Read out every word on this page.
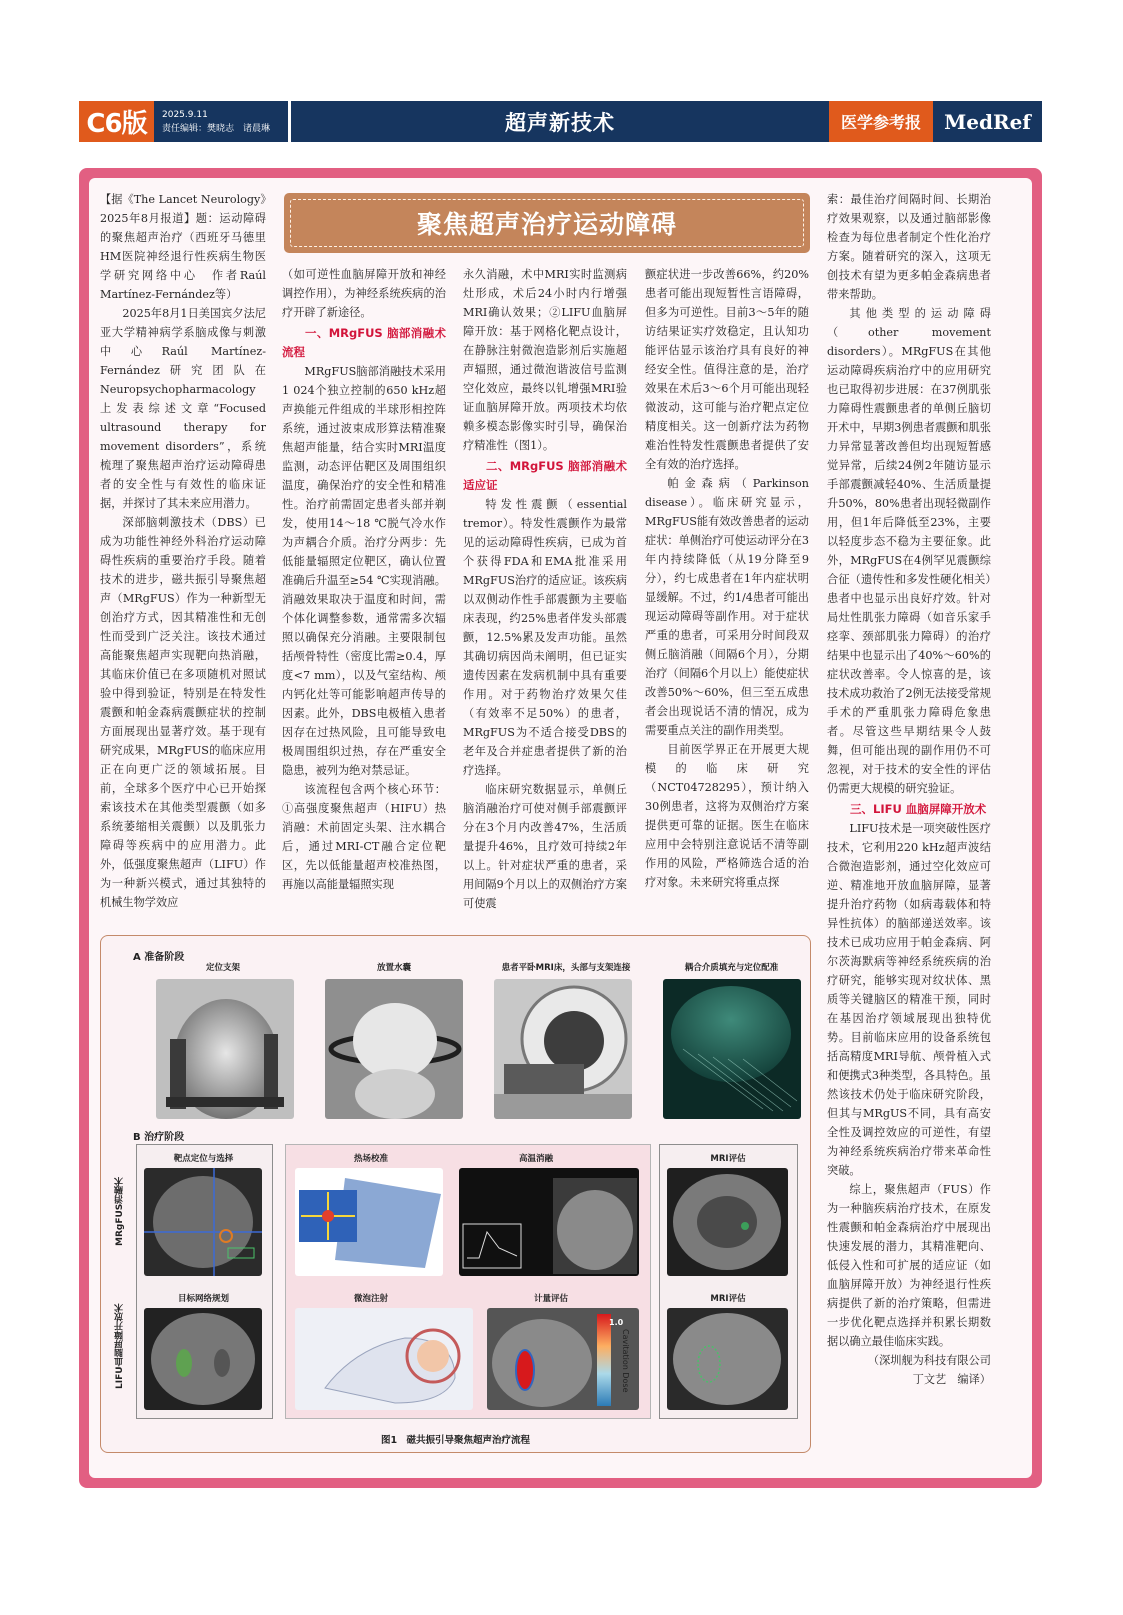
C6版	2025.9.11
责任编辑：樊晓志　诸晨琳	超声新技术	医学参考报	MedRef
聚焦超声治疗运动障碍

【据《The Lancet Neurology》2025年8月报道】题：运动障碍的聚焦超声治疗（西班牙马德里HM医院神经退行性疾病生物医学研究网络中心　作者Raúl Martínez-Fernández等）

2025年8月1日美国宾夕法尼亚大学精神病学系脑成像与刺激中心Raúl Martínez-Fernández研究团队在Neuropsychopharmacology上发表综述文章“Focused ultrasound therapy for movement disorders”，系统梳理了聚焦超声治疗运动障碍患者的安全性与有效性的临床证据，并探讨了其未来应用潜力。

深部脑刺激技术（DBS）已成为功能性神经外科治疗运动障碍性疾病的重要治疗手段。随着技术的进步，磁共振引导聚焦超声（MRgFUS）作为一种新型无创治疗方式，因其精准性和无创性而受到广泛关注。该技术通过高能聚焦超声实现靶向热消融，其临床价值已在多项随机对照试验中得到验证，特别是在特发性震颤和帕金森病震颤症状的控制方面展现出显著疗效。基于现有研究成果，MRgFUS的临床应用正在向更广泛的领域拓展。目前，全球多个医疗中心已开始探索该技术在其他类型震颤（如多系统萎缩相关震颤）以及肌张力障碍等疾病中的应用潜力。此外，低强度聚焦超声（LIFU）作为一种新兴模式，通过其独特的机械生物学效应

（如可逆性血脑屏障开放和神经调控作用），为神经系统疾病的治疗开辟了新途径。

一、MRgFUS 脑部消融术流程

MRgFUS脑部消融技术采用1 024个独立控制的650 kHz超声换能元件组成的半球形相控阵系统，通过波束成形算法精准聚焦超声能量，结合实时MRI温度监测，动态评估靶区及周围组织温度，确保治疗的安全性和精准性。治疗前需固定患者头部并剃发，使用14～18 ℃脱气冷水作为声耦合介质。治疗分两步：先低能量辐照定位靶区，确认位置准确后升温至≥54 ℃实现消融。消融效果取决于温度和时间，需个体化调整参数，通常需多次辐照以确保充分消融。主要限制包括颅骨特性（密度比需≥0.4，厚度<7 mm），以及气室结构、颅内钙化灶等可能影响超声传导的因素。此外，DBS电极植入患者因存在过热风险，且可能导致电极周围组织过热，存在严重安全隐患，被列为绝对禁忌证。

该流程包含两个核心环节：①高强度聚焦超声（HIFU）热消融：术前固定头架、注水耦合后，通过MRI-CT融合定位靶区，先以低能量超声校准热图，再施以高能量辐照实现

永久消融，术中MRI实时监测病灶形成，术后24小时内行增强MRI确认效果；②LIFU血脑屏障开放：基于网格化靶点设计，在静脉注射微泡造影剂后实施超声辐照，通过微泡谐波信号监测空化效应，最终以钆增强MRI验证血脑屏障开放。两项技术均依赖多模态影像实时引导，确保治疗精准性（图1）。

二、MRgFUS 脑部消融术适应证

特发性震颤（essential tremor）。特发性震颤作为最常见的运动障碍性疾病，已成为首个获得FDA和EMA批准采用MRgFUS治疗的适应证。该疾病以双侧动作性手部震颤为主要临床表现，约25%患者伴发头部震颤，12.5%累及发声功能。虽然其确切病因尚未阐明，但已证实遗传因素在发病机制中具有重要作用。对于药物治疗效果欠佳（有效率不足50%）的患者，MRgFUS为不适合接受DBS的老年及合并症患者提供了新的治疗选择。

临床研究数据显示，单侧丘脑消融治疗可使对侧手部震颤评分在3个月内改善47%，生活质量提升46%，且疗效可持续2年以上。针对症状严重的患者，采用间隔9个月以上的双侧治疗方案可使震

颤症状进一步改善66%，约20%患者可能出现短暂性言语障碍，但多为可逆性。目前3～5年的随访结果证实疗效稳定，且认知功能评估显示该治疗具有良好的神经安全性。值得注意的是，治疗效果在术后3～6个月可能出现轻微波动，这可能与治疗靶点定位精度相关。这一创新疗法为药物难治性特发性震颤患者提供了安全有效的治疗选择。

帕金森病（Parkinson disease）。临床研究显示，MRgFUS能有效改善患者的运动症状：单侧治疗可使运动评分在3年内持续降低（从19分降至9分），约七成患者在1年内症状明显缓解。不过，约1/4患者可能出现运动障碍等副作用。对于症状严重的患者，可采用分时间段双侧丘脑消融（间隔6个月），分期治疗（间隔6个月以上）能使症状改善50%～60%，但三至五成患者会出现说话不清的情况，成为需要重点关注的副作用类型。

目前医学界正在开展更大规模的临床研究（NCT04728295），预计纳入30例患者，这将为双侧治疗方案提供更可靠的证据。医生在临床应用中会特别注意说话不清等副作用的风险，严格筛选合适的治疗对象。未来研究将重点探

索：最佳治疗间隔时间、长期治疗效果观察，以及通过脑部影像检查为每位患者制定个性化治疗方案。随着研究的深入，这项无创技术有望为更多帕金森病患者带来帮助。

其他类型的运动障碍（other movement disorders）。MRgFUS在其他运动障碍疾病治疗中的应用研究也已取得初步进展：在37例肌张力障碍性震颤患者的单侧丘脑切开术中，早期3例患者震颤和肌张力异常显著改善但均出现短暂感觉异常，后续24例2年随访显示手部震颤减轻40%、生活质量提升50%，80%患者出现轻微副作用，但1年后降低至23%，主要以轻度步态不稳为主要征象。此外，MRgFUS在4例罕见震颤综合征（遗传性和多发性硬化相关）患者中也显示出良好疗效。针对局灶性肌张力障碍（如音乐家手痉挛、颈部肌张力障碍）的治疗结果中也显示出了40%～60%的症状改善率。令人惊喜的是，该技术成功救治了2例无法接受常规手术的严重肌张力障碍危象患者。尽管这些早期结果令人鼓舞，但可能出现的副作用仍不可忽视，对于技术的安全性的评估仍需更大规模的研究验证。

三、LIFU 血脑屏障开放术

LIFU技术是一项突破性医疗技术，它利用220 kHz超声波结合微泡造影剂，通过空化效应可逆、精准地开放血脑屏障，显著提升治疗药物（如病毒载体和特异性抗体）的脑部递送效率。该技术已成功应用于帕金森病、阿尔茨海默病等神经系统疾病的治疗研究，能够实现对纹状体、黑质等关键脑区的精准干预，同时在基因治疗领域展现出独特优势。目前临床应用的设备系统包括高精度MRI导航、颅骨植入式和便携式3种类型，各具特色。虽然该技术仍处于临床研究阶段，但其与MRgUS不同，具有高安全性及调控效应的可逆性，有望为神经系统疾病治疗带来革命性突破。

综上，聚焦超声（FUS）作为一种脑疾病治疗技术，在原发性震颤和帕金森病治疗中展现出快速发展的潜力，其精准靶向、低侵入性和可扩展的适应证（如血脑屏障开放）为神经退行性疾病提供了新的治疗策略，但需进一步优化靶点选择并积累长期数据以确立最佳临床实践。

（深圳舰为科技有限公司

丁文艺　编译）

A 准备阶段
定位支架	放置水囊	患者平卧MRI床，头部与支架连接	耦合介质填充与定位配准
B 治疗阶段
MRgFUS消融术
LIFU血脑屏障开放术
靶点定位与选择
目标网络规划
热场校准	高温消融
微泡注射	计量评估
1.0
Cavitation Dose
MRI评估
MRI评估
图1　磁共振引导聚焦超声治疗流程
